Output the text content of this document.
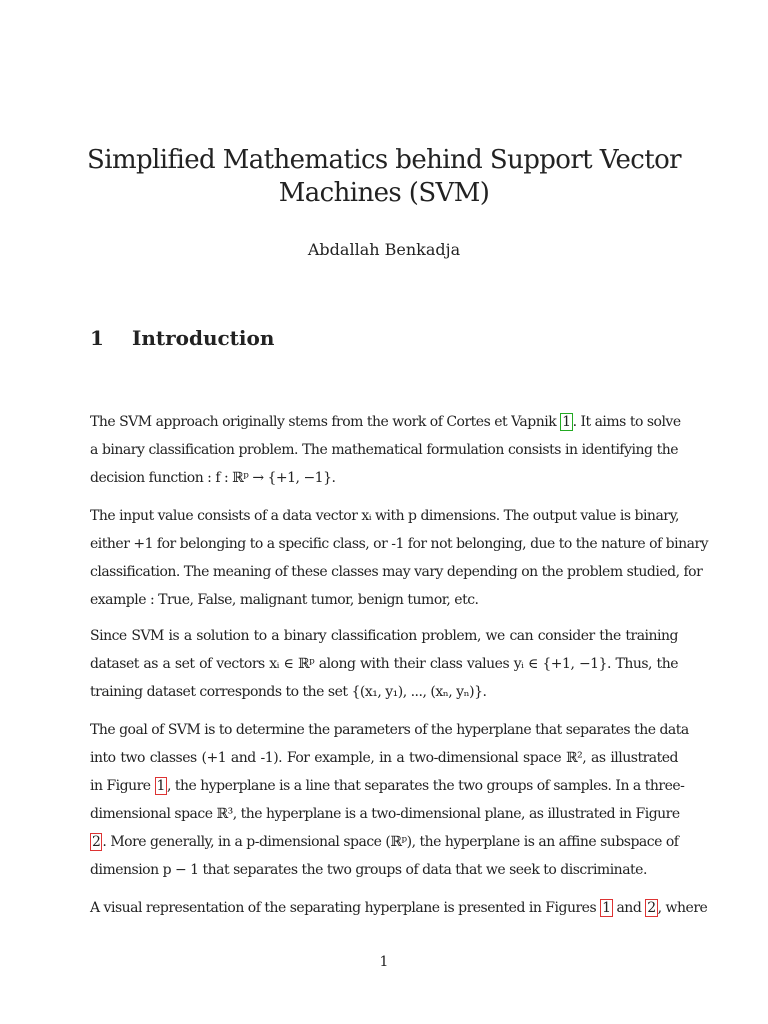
Simplified Mathematics behind Support Vector
Machines (SVM)
Abdallah Benkadja
1 Introduction
The SVM approach originally stems from the work of Cortes et Vapnik 1 . It aims to solve
a binary classification problem. The mathematical formulation consists in identifying the
decision function : f : ℝᵖ → {+1, −1}.
The input value consists of a data vector xᵢ with p dimensions. The output value is binary,
either +1 for belonging to a specific class, or -1 for not belonging, due to the nature of binary
classification. The meaning of these classes may vary depending on the problem studied, for
example : True, False, malignant tumor, benign tumor, etc.
Since SVM is a solution to a binary classification problem, we can consider the training
dataset as a set of vectors xᵢ ∈ ℝᵖ along with their class values yᵢ ∈ {+1, −1}. Thus, the
training dataset corresponds to the set {(x₁, y₁), ..., (xₙ, yₙ)}.
The goal of SVM is to determine the parameters of the hyperplane that separates the data
into two classes (+1 and -1). For example, in a two-dimensional space ℝ², as illustrated
in Figure 1 , the hyperplane is a line that separates the two groups of samples. In a three-
dimensional space ℝ³, the hyperplane is a two-dimensional plane, as illustrated in Figure
2 . More generally, in a p-dimensional space (ℝᵖ), the hyperplane is an affine subspace of
dimension p − 1 that separates the two groups of data that we seek to discriminate.
A visual representation of the separating hyperplane is presented in Figures 1 and 2 , where
1
